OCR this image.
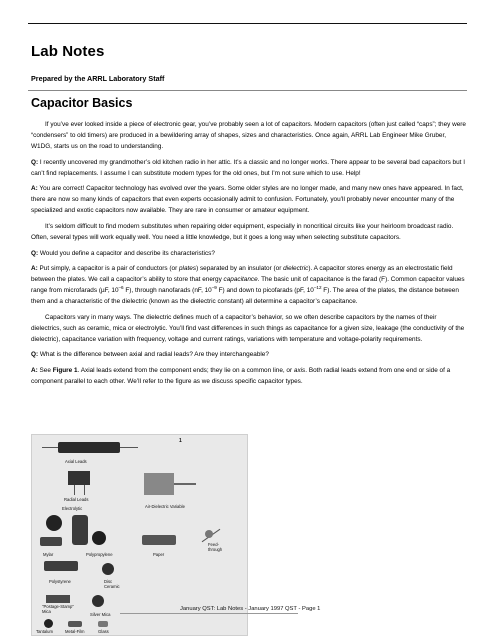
Lab Notes

Prepared by the ARRL Laboratory Staff

Capacitor Basics

If you’ve ever looked inside a piece of electronic gear, you’ve probably seen a lot of capacitors. Modern capacitors (often just called “caps”; they were “condensers” to old timers) are produced in a bewildering array of shapes, sizes and characteristics. Once again, ARRL Lab Engineer Mike Gruber, W1DG, starts us on the road to understanding.

Q: I recently uncovered my grandmother’s old kitchen radio in her attic. It’s a classic and no longer works. There appear to be several bad capacitors but I can’t find replacements. I assume I can substitute modern types for the old ones, but I’m not sure which to use. Help!

A: You are correct! Capacitor technology has evolved over the years. Some older styles are no longer made, and many new ones have appeared. In fact, there are now so many kinds of capacitors that even experts occasionally admit to confusion. Fortunately, you’ll probably never encounter many of the specialized and exotic capacitors now available. They are rare in consumer or amateur equipment.

It’s seldom difficult to find modern substitutes when repairing older equipment, especially in noncritical circuits like your heirloom broadcast radio. Often, several types will work equally well. You need a little knowledge, but it goes a long way when selecting substitute capacitors.

Q: Would you define a capacitor and describe its characteristics?

A: Put simply, a capacitor is a pair of conductors (or plates) separated by an insulator (or dielectric). A capacitor stores energy as an electrostatic field between the plates. We call a capacitor’s ability to store that energy capacitance. The basic unit of capacitance is the farad (F). Common capacitor values range from microfarads (µF, $10^{-6}$ F), through nanofarads (nF, $10^{-9}$ F) and down to picofarads (pF, $10^{-12}$ F). The area of the plates, the distance between them and a characteristic of the dielectric (known as the dielectric constant) all determine a capacitor’s capacitance.

Capacitors vary in many ways. The dielectric defines much of a capacitor’s behavior, so we often describe capacitors by the names of their dielectrics, such as ceramic, mica or electrolytic. You’ll find vast differences in such things as capacitance for a given size, leakage (the conductivity of the dielectric), capacitance variation with frequency, voltage and current ratings, variations with temperature and voltage-polarity requirements.

Q: What is the difference between axial and radial leads? Are they interchangeable?

A: See Figure 1. Axial leads extend from the component ends; they lie on a common line, or axis. Both radial leads extend from one end or side of a component parallel to each other. We’ll refer to the figure as we discuss specific capacitor types.

1
Axial Leads
Radial Leads
Electrolytic	Air-Dielectric Variable
Mylar	Polypropylene	Paper
Feed-through
Polystyrene	Disc Ceramic
"Postage-Stamp" Mica
Silver Mica
Tantalum	Metal-Film	Glass
January QST: Lab Notes - January 1997 QST - Page 1
